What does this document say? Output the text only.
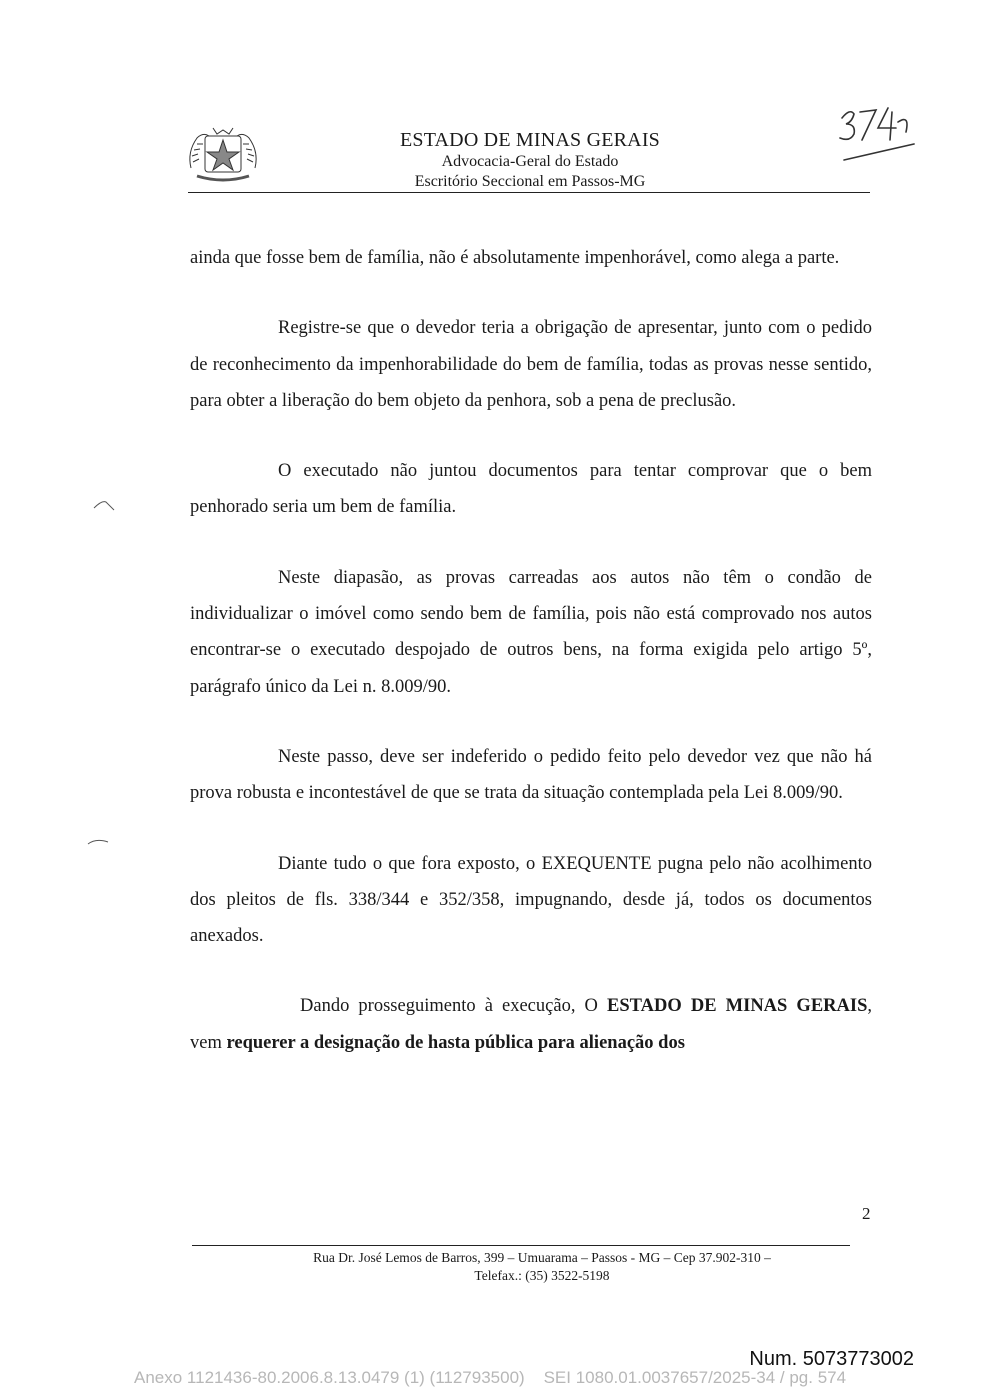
ESTADO DE MINAS GERAIS
Advocacia-Geral do Estado
Escritório Seccional em Passos-MG

ainda que fosse bem de família, não é absolutamente impenhorável, como alega a parte.

Registre-se que o devedor teria a obrigação de apresentar, junto com o pedido de reconhecimento da impenhorabilidade do bem de família, todas as provas nesse sentido, para obter a liberação do bem objeto da penhora, sob a pena de preclusão.

O executado não juntou documentos para tentar comprovar que o bem penhorado seria um bem de família.

Neste diapasão, as provas carreadas aos autos não têm o condão de individualizar o imóvel como sendo bem de família, pois não está comprovado nos autos encontrar-se o executado despojado de outros bens, na forma exigida pelo artigo 5º, parágrafo único da Lei n. 8.009/90.

Neste passo, deve ser indeferido o pedido feito pelo devedor vez que não há prova robusta e incontestável de que se trata da situação contemplada pela Lei 8.009/90.

Diante tudo o que fora exposto, o EXEQUENTE pugna pelo não acolhimento dos pleitos de fls. 338/344 e 352/358, impugnando, desde já, todos os documentos anexados.

Dando prosseguimento à execução, O ESTADO DE MINAS GERAIS, vem requerer a designação de hasta pública para alienação dos

2
Rua Dr. José Lemos de Barros, 399 – Umuarama – Passos - MG – Cep 37.902-310 –
Telefax.: (35) 3522-5198
Num. 5073773002
Anexo 1121436-80.2006.8.13.0479 (1) (112793500) SEI 1080.01.0037657/2025-34 / pg. 574
